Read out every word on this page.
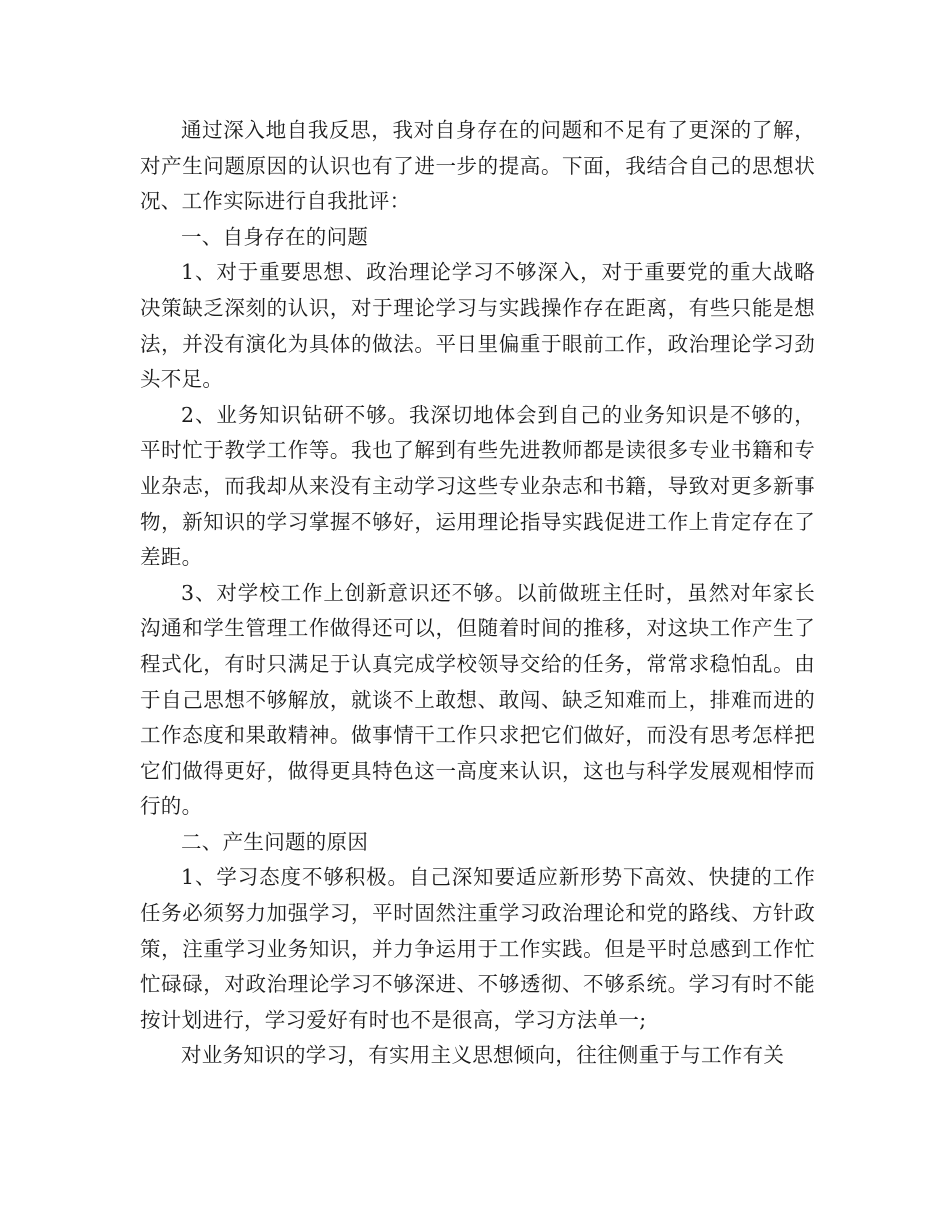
通过深入地自我反思，我对自身存在的问题和不足有了更深的了解，对产生问题原因的认识也有了进一步的提高。下面，我结合自己的思想状况、工作实际进行自我批评：

一、自身存在的问题

1、对于重要思想、政治理论学习不够深入，对于重要党的重大战略决策缺乏深刻的认识，对于理论学习与实践操作存在距离，有些只能是想法，并没有演化为具体的做法。平日里偏重于眼前工作，政治理论学习劲头不足。

2、业务知识钻研不够。我深切地体会到自己的业务知识是不够的，平时忙于教学工作等。我也了解到有些先进教师都是读很多专业书籍和专业杂志，而我却从来没有主动学习这些专业杂志和书籍，导致对更多新事物，新知识的学习掌握不够好，运用理论指导实践促进工作上肯定存在了差距。

3、对学校工作上创新意识还不够。以前做班主任时，虽然对年家长沟通和学生管理工作做得还可以，但随着时间的推移，对这块工作产生了程式化，有时只满足于认真完成学校领导交给的任务，常常求稳怕乱。由于自己思想不够解放，就谈不上敢想、敢闯、缺乏知难而上，排难而进的工作态度和果敢精神。做事情干工作只求把它们做好，而没有思考怎样把它们做得更好，做得更具特色这一高度来认识，这也与科学发展观相悖而行的。

二、产生问题的原因

1、学习态度不够积极。自己深知要适应新形势下高效、快捷的工作任务必须努力加强学习，平时固然注重学习政治理论和党的路线、方针政策，注重学习业务知识，并力争运用于工作实践。但是平时总感到工作忙忙碌碌，对政治理论学习不够深进、不够透彻、不够系统。学习有时不能按计划进行，学习爱好有时也不是很高，学习方法单一;

对业务知识的学习，有实用主义思想倾向，往往侧重于与工作有关
